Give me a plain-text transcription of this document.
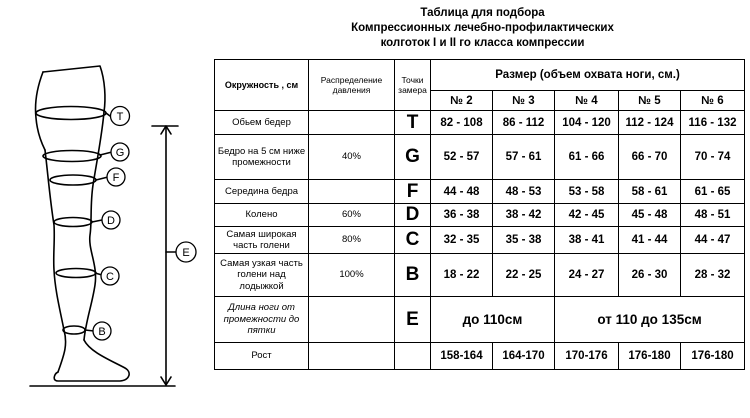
T
G
F
D
E
C
B
Таблица для подбора
Компрессионных лечебно-профилактических
колготок I и II го класса компрессии
Окружность , см	Распределение давления	Точки замера	Размер (объем охвата ноги, см.)				
			№ 2	№ 3	№ 4	№ 5	№ 6
Обьем бедер		T	82 - 108	86 - 112	104 - 120	112 - 124	116 - 132
Бедро на 5 см ниже промежности	40%	G	52 - 57	57 - 61	61 - 66	66 - 70	70 - 74
Середина бедра		F	44 - 48	48 - 53	53 - 58	58 - 61	61 - 65
Колено	60%	D	36 - 38	38 - 42	42 - 45	45 - 48	48 - 51
Самая широкая часть голени	80%	C	32 - 35	35 - 38	38 - 41	41 - 44	44 - 47
Самая узкая часть голени над лодыжкой	100%	B	18 - 22	22 - 25	24 - 27	26 - 30	28 - 32
Длина ноги от промежности до пятки		E	до 110см		от 110 до 135см		
Рост			158-164	164-170	170-176	176-180	176-180
